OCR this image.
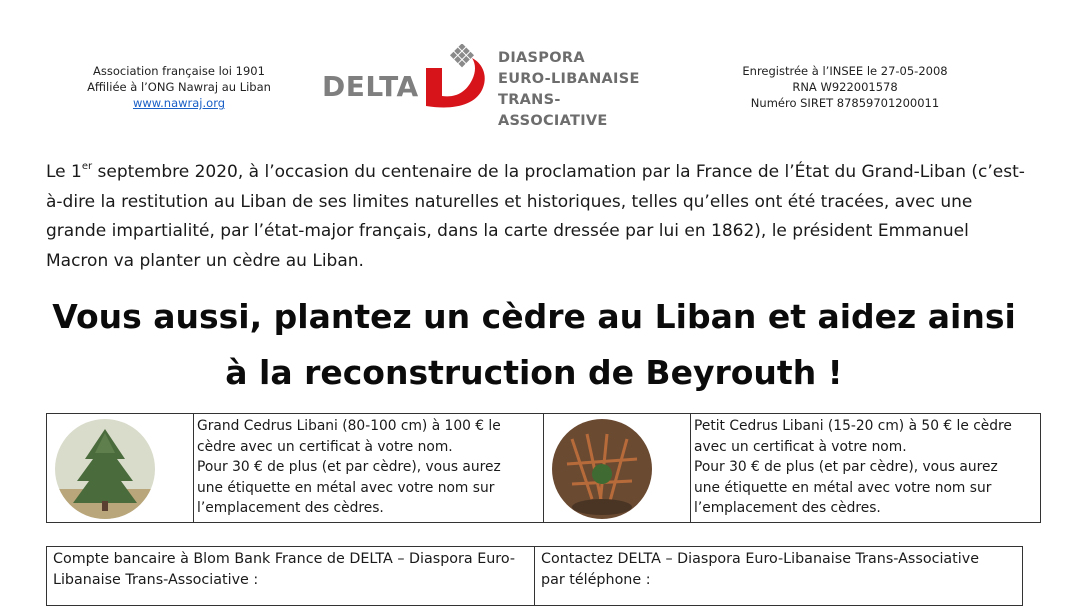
Association française loi 1901
Affiliée à l’ONG Nawraj au Liban
www.nawraj.org	DELTA
DIASPORA
EURO-LIBANAISE
TRANS-ASSOCIATIVE
Enregistrée à l’INSEE le 27-05-2008
RNA W922001578
Numéro SIRET 87859701200011

Le 1er septembre 2020, à l’occasion du centenaire de la proclamation par la France de l’État du Grand-Liban (c’est-à-dire la restitution au Liban de ses limites naturelles et historiques, telles qu’elles ont été tracées, avec une grande impartialité, par l’état-major français, dans la carte dressée par lui en 1862), le président Emmanuel Macron va planter un cèdre au Liban.

Vous aussi, plantez un cèdre au Liban et aidez ainsi
à la reconstruction de Beyrouth !

Grand Cedrus Libani (80-100 cm) à 100 € le
cèdre avec un certificat à votre nom.
Pour 30 € de plus (et par cèdre), vous aurez
une étiquette en métal avec votre nom sur
l’emplacement des cèdres.

Petit Cedrus Libani (15-20 cm) à 50 € le cèdre
avec un certificat à votre nom.
Pour 30 € de plus (et par cèdre), vous aurez
une étiquette en métal avec votre nom sur
l’emplacement des cèdres.
Compte bancaire à Blom Bank France de DELTA – Diaspora Euro-
Libanaise Trans-Associative :

Contactez DELTA – Diaspora Euro-Libanaise Trans-Associative
par téléphone :
